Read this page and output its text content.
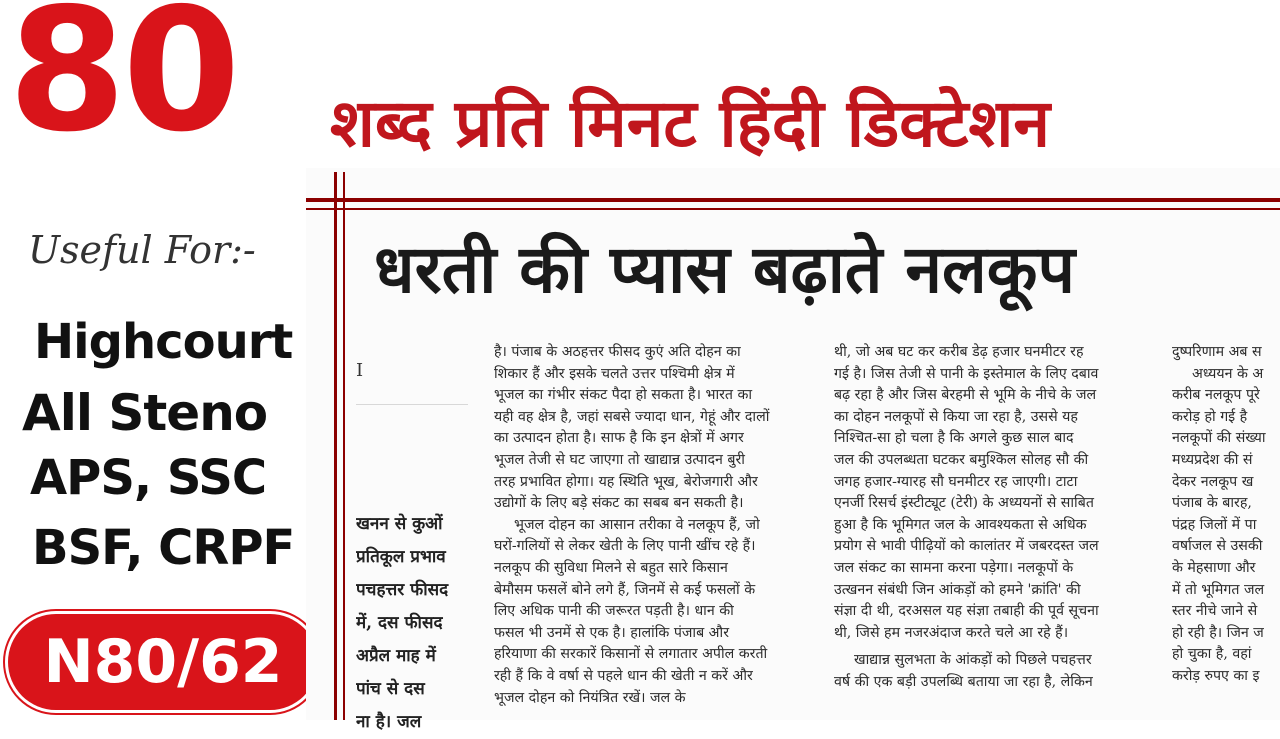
80
Useful For:-
Highcourt
All Steno
APS, SSC
BSF, CRPF
N80/62
शब्द प्रति मिनट हिंदी डिक्टेशन
धरती की प्यास बढ़ाते नलकूप
I
खनन से कुओं
प्रतिकूल प्रभाव
पचहत्तर फीसद
में, दस फीसद
अप्रैल माह में
पांच से दस
ना है। जल
है। पंजाब के अठहत्तर फीसद कुएं अति दोहन का
शिकार हैं और इसके चलते उत्तर पश्चिमी क्षेत्र में
भूजल का गंभीर संकट पैदा हो सकता है। भारत का
यही वह क्षेत्र है, जहां सबसे ज्यादा धान, गेहूं और दालों
का उत्पादन होता है। साफ है कि इन क्षेत्रों में अगर
भूजल तेजी से घट जाएगा तो खाद्यान्न उत्पादन बुरी
तरह प्रभावित होगा। यह स्थिति भूख, बेरोजगारी और
उद्योगों के लिए बड़े संकट का सबब बन सकती है।
भूजल दोहन का आसान तरीका वे नलकूप हैं, जो
घरों-गलियों से लेकर खेती के लिए पानी खींच रहे हैं।
नलकूप की सुविधा मिलने से बहुत सारे किसान
बेमौसम फसलें बोने लगे हैं, जिनमें से कई फसलों के
लिए अधिक पानी की जरूरत पड़ती है। धान की
फसल भी उनमें से एक है। हालांकि पंजाब और
हरियाणा की सरकारें किसानों से लगातार अपील करती
रही हैं कि वे वर्षा से पहले धान की खेती न करें और
भूजल दोहन को नियंत्रित रखें। जल के
थी, जो अब घट कर करीब डेढ़ हजार घनमीटर रह
गई है। जिस तेजी से पानी के इस्तेमाल के लिए दबाव
बढ़ रहा है और जिस बेरहमी से भूमि के नीचे के जल
का दोहन नलकूपों से किया जा रहा है, उससे यह
निश्चित-सा हो चला है कि अगले कुछ साल बाद
जल की उपलब्धता घटकर बमुश्किल सोलह सौ की
जगह हजार-ग्यारह सौ घनमीटर रह जाएगी। टाटा
एनर्जी रिसर्च इंस्टीट्यूट (टेरी) के अध्ययनों से साबित
हुआ है कि भूमिगत जल के आवश्यकता से अधिक
प्रयोग से भावी पीढ़ियों को कालांतर में जबरदस्त जल
जल संकट का सामना करना पड़ेगा। नलकूपों के
उत्खनन संबंधी जिन आंकड़ों को हमने 'क्रांति' की
संज्ञा दी थी, दरअसल यह संज्ञा तबाही की पूर्व सूचना
थी, जिसे हम नजरअंदाज करते चले आ रहे हैं।
खाद्यान्न सुलभता के आंकड़ों को पिछले पचहत्तर
वर्ष की एक बड़ी उपलब्धि बताया जा रहा है, लेकिन
दुष्परिणाम अब स
अध्ययन के अ
करीब नलकूप पूरे
करोड़ हो गई है
नलकूपों की संख्या
मध्यप्रदेश की सं
देकर नलकूप ख
पंजाब के बारह,
पंद्रह जिलों में पा
वर्षाजल से उसकी
के मेहसाणा और
में तो भूमिगत जल
स्तर नीचे जाने से
हो रही है। जिन ज
हो चुका है, वहां
करोड़ रुपए का इ
